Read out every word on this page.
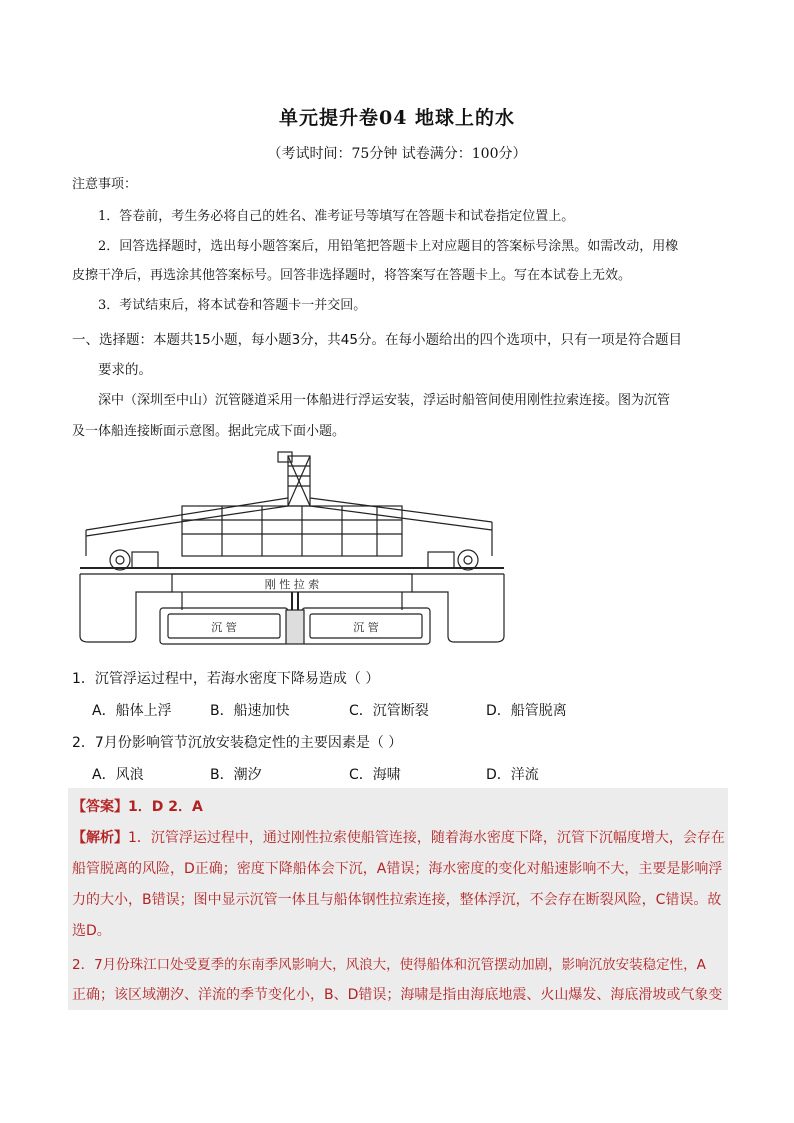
单元提升卷04 地球上的水
（考试时间：75分钟 试卷满分：100分）
注意事项：
1．答卷前，考生务必将自己的姓名、准考证号等填写在答题卡和试卷指定位置上。
2．回答选择题时，选出每小题答案后，用铅笔把答题卡上对应题目的答案标号涂黑。如需改动，用橡
皮擦干净后，再选涂其他答案标号。回答非选择题时，将答案写在答题卡上。写在本试卷上无效。
3．考试结束后，将本试卷和答题卡一并交回。
一、选择题：本题共15小题，每小题3分，共45分。在每小题给出的四个选项中，只有一项是符合题目
要求的。
深中（深圳至中山）沉管隧道采用一体船进行浮运安装，浮运时船管间使用刚性拉索连接。图为沉管
及一体船连接断面示意图。据此完成下面小题。
刚 性 拉 索
沉 管	沉 管
1．沉管浮运过程中，若海水密度下降易造成（ ）
A．船体上浮	B．船速加快	C．沉管断裂	D．船管脱离
2．7月份影响管节沉放安装稳定性的主要因素是（ ）
A．风浪	B．潮汐	C．海啸	D．洋流
【答案】1．D 2．A
【解析】1．沉管浮运过程中，通过刚性拉索使船管连接，随着海水密度下降，沉管下沉幅度增大，会存在
船管脱离的风险，D正确；密度下降船体会下沉，A错误；海水密度的变化对船速影响不大，主要是影响浮
力的大小，B错误；图中显示沉管一体且与船体钢性拉索连接，整体浮沉，不会存在断裂风险，C错误。故
选D。
2．7月份珠江口处受夏季的东南季风影响大，风浪大，使得船体和沉管摆动加剧，影响沉放安装稳定性，A
正确；该区域潮汐、洋流的季节变化小，B、D错误；海啸是指由海底地震、火山爆发、海底滑坡或气象变
